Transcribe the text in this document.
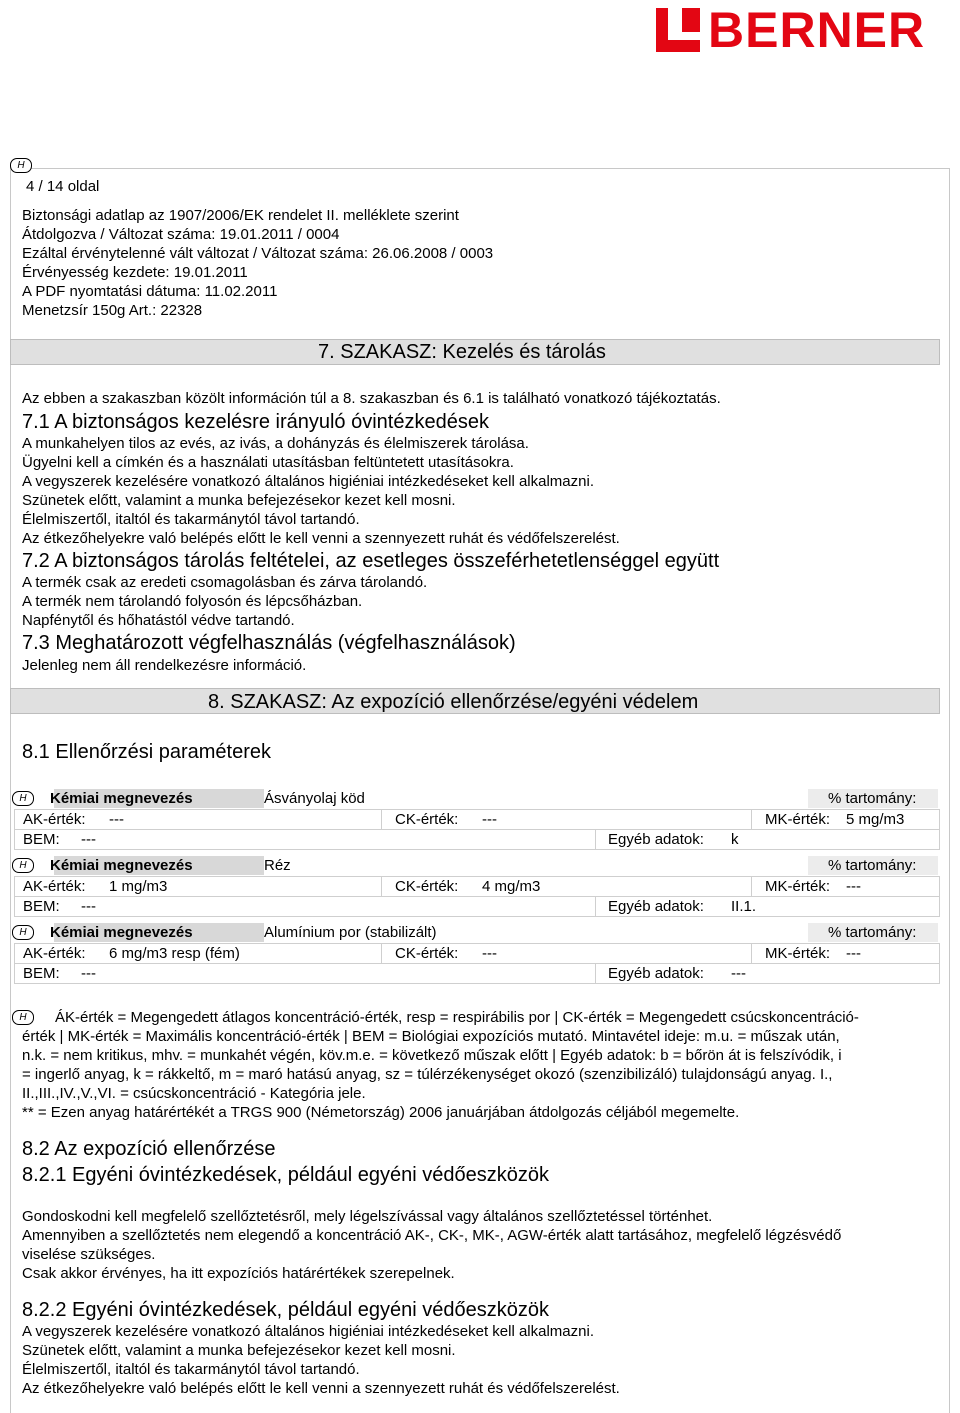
BERNER
H
4 / 14 oldal
Biztonsági adatlap az 1907/2006/EK rendelet II. melléklete szerint
Átdolgozva / Változat száma: 19.01.2011 / 0004
Ezáltal érvénytelenné vált változat / Változat száma: 26.06.2008 / 0003
Érvényesség kezdete: 19.01.2011
A PDF nyomtatási dátuma: 11.02.2011
Menetzsír 150g Art.: 22328
7. SZAKASZ: Kezelés és tárolás
Az ebben a szakaszban közölt információn túl a 8. szakaszban és 6.1 is található vonatkozó tájékoztatás.
7.1 A biztonságos kezelésre irányuló óvintézkedések
A munkahelyen tilos az evés, az ivás, a dohányzás és élelmiszerek tárolása.
Ügyelni kell a címkén és a használati utasításban feltüntetett utasításokra.
A vegyszerek kezelésére vonatkozó általános higiéniai intézkedéseket kell alkalmazni.
Szünetek előtt, valamint a munka befejezésekor kezet kell mosni.
Élelmiszertől, italtól és takarmánytól távol tartandó.
Az étkezőhelyekre való belépés előtt le kell venni a szennyezett ruhát és védőfelszerelést.
7.2 A biztonságos tárolás feltételei, az esetleges összeférhetetlenséggel együtt
A termék csak az eredeti csomagolásban és zárva tárolandó.
A termék nem tárolandó folyosón és lépcsőházban.
Napfénytől és hőhatástól védve tartandó.
7.3 Meghatározott végfelhasználás (végfelhasználások)
Jelenleg nem áll rendelkezésre információ.
8. SZAKASZ: Az expozíció ellenőrzése/egyéni védelem
8.1 Ellenőrzési paraméterek
H	Kémiai megnevezés	Ásványolaj köd	% tartomány:
AK-érték: ---	CK-érték: ---	MK-érték: 5 mg/m3
BEM: ---	Egyéb adatok: k
H	Kémiai megnevezés	Réz	% tartomány:
AK-érték: 1 mg/m3	CK-érték: 4 mg/m3	MK-érték: ---
BEM: ---	Egyéb adatok: II.1.
H	Kémiai megnevezés	Alumínium por (stabilizált)	% tartomány:
AK-érték: 6 mg/m3 resp (fém)	CK-érték: ---	MK-érték: ---
BEM: ---	Egyéb adatok: ---
H	ÁK-érték = Megengedett átlagos koncentráció-érték, resp = respirábilis por | CK-érték = Megengedett csúcskoncentráció-
érték | MK-érték = Maximális koncentráció-érték | BEM = Biológiai expozíciós mutató. Mintavétel ideje: m.u. = műszak után,
n.k. = nem kritikus, mhv. = munkahét végén, köv.m.e. = következő műszak előtt | Egyéb adatok: b = bőrön át is felszívódik, i
= ingerlő anyag, k = rákkeltő, m = maró hatású anyag, sz = túlérzékenységet okozó (szenzibilizáló) tulajdonságú anyag. I.,
II.,III.,IV.,V.,VI. = csúcskoncentráció - Kategória jele.
** = Ezen anyag határértékét a TRGS 900 (Németország) 2006 januárjában átdolgozás céljából megemelte.
8.2 Az expozíció ellenőrzése
8.2.1 Egyéni óvintézkedések, például egyéni védőeszközök
Gondoskodni kell megfelelő szellőztetésről, mely légelszívással vagy általános szellőztetéssel történhet.
Amennyiben a szellőztetés nem elegendő a koncentráció AK-, CK-, MK-, AGW-érték alatt tartásához, megfelelő légzésvédő
viselése szükséges.
Csak akkor érvényes, ha itt expozíciós határértékek szerepelnek.
8.2.2 Egyéni óvintézkedések, például egyéni védőeszközök
A vegyszerek kezelésére vonatkozó általános higiéniai intézkedéseket kell alkalmazni.
Szünetek előtt, valamint a munka befejezésekor kezet kell mosni.
Élelmiszertől, italtól és takarmánytól távol tartandó.
Az étkezőhelyekre való belépés előtt le kell venni a szennyezett ruhát és védőfelszerelést.
